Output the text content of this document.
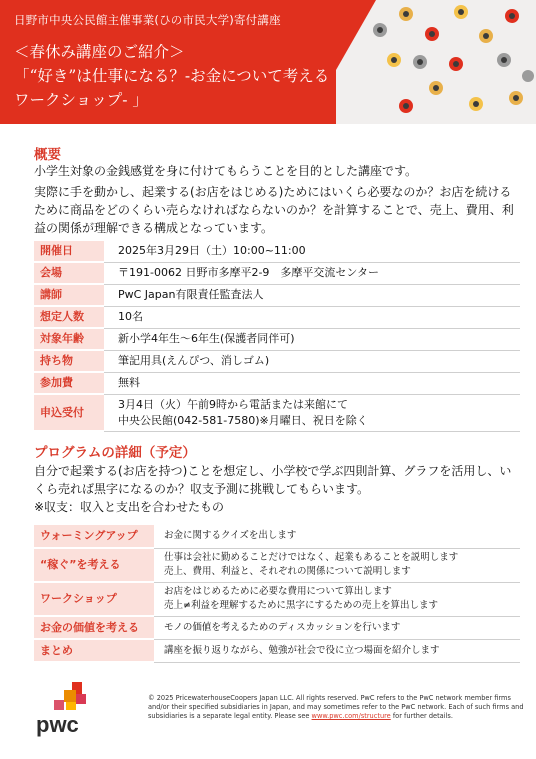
日野市中央公民館主催事業(ひの市民大学)寄付講座
＜春休み講座のご紹介＞
「“好き”は仕事になる？-お金について考える
ワークショップ- 」
概要
小学生対象の金銭感覚を身に付けてもらうことを目的とした講座です。
実際に手を動かし、起業する(お店をはじめる)ためにはいくら必要なのか？お店を続けるために商品をどのくらい売らなければならないのか？を計算することで、売上、費用、利益の関係が理解できる構成となっています。
開催日	2025年3月29日（土）10:00~11:00
会場	〒191-0062 日野市多摩平2-9　多摩平交流センター
講師	PwC Japan有限責任監査法人
想定人数	10名
対象年齢	新小学4年生～6年生(保護者同伴可)
持ち物	筆記用具(えんぴつ、消しゴム)
参加費	無料
申込受付	3月4日（火）午前9時から電話または来館にて
中央公民館(042-581-7580)※月曜日、祝日を除く
プログラムの詳細（予定）
自分で起業する(お店を持つ)ことを想定し、小学校で学ぶ四則計算、グラフを活用し、いくら売れば黒字になるのか？収支予測に挑戦してもらいます。
※収支：収入と支出を合わせたもの
ウォーミングアップ	お金に関するクイズを出します

“稼ぐ”を考える	仕事は会社に勤めることだけではなく、起業もあることを説明します
売上、費用、利益と、それぞれの関係について説明します

ワークショップ	お店をはじめるために必要な費用について算出します
売上≠利益を理解するために黒字にするための売上を算出します

お金の価値を考える	モノの価値を考えるためのディスカッションを行います

まとめ	講座を振り返りながら、勉強が社会で役に立つ場面を紹介します
pwc
© 2025 PricewaterhouseCoopers Japan LLC. All rights reserved. PwC refers to the PwC network member firms and/or their specified subsidiaries in Japan, and may sometimes refer to the PwC network. Each of such firms and subsidiaries is a separate legal entity. Please see www.pwc.com/structure for further details.
